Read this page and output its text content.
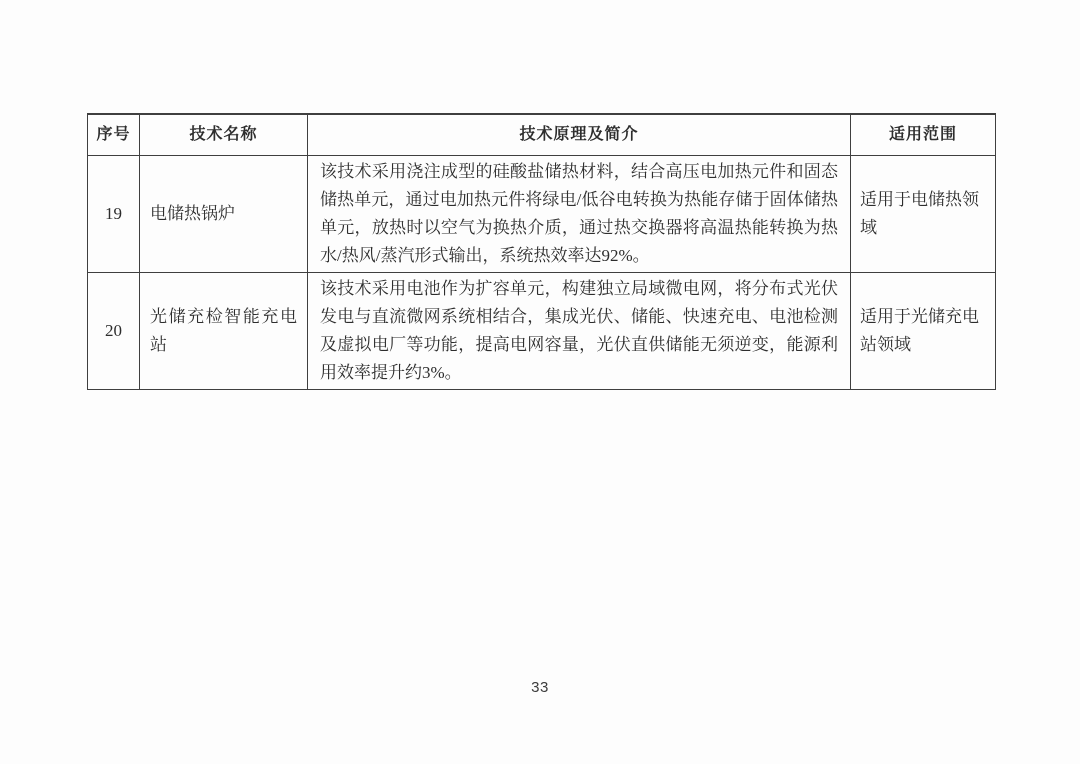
序号	技术名称	技术原理及简介	适用范围
19	电储热锅炉	该技术采用浇注成型的硅酸盐储热材料，结合高压电加热元件和固态储热单元，通过电加热元件将绿电/低谷电转换为热能存储于固体储热单元，放热时以空气为换热介质，通过热交换器将高温热能转换为热水/热风/蒸汽形式输出，系统热效率达92%。	适用于电储热领域
20	光储充检智能充电站	该技术采用电池作为扩容单元，构建独立局域微电网，将分布式光伏发电与直流微网系统相结合，集成光伏、储能、快速充电、电池检测及虚拟电厂等功能，提高电网容量，光伏直供储能无须逆变，能源利用效率提升约3%。	适用于光储充电站领域
33
